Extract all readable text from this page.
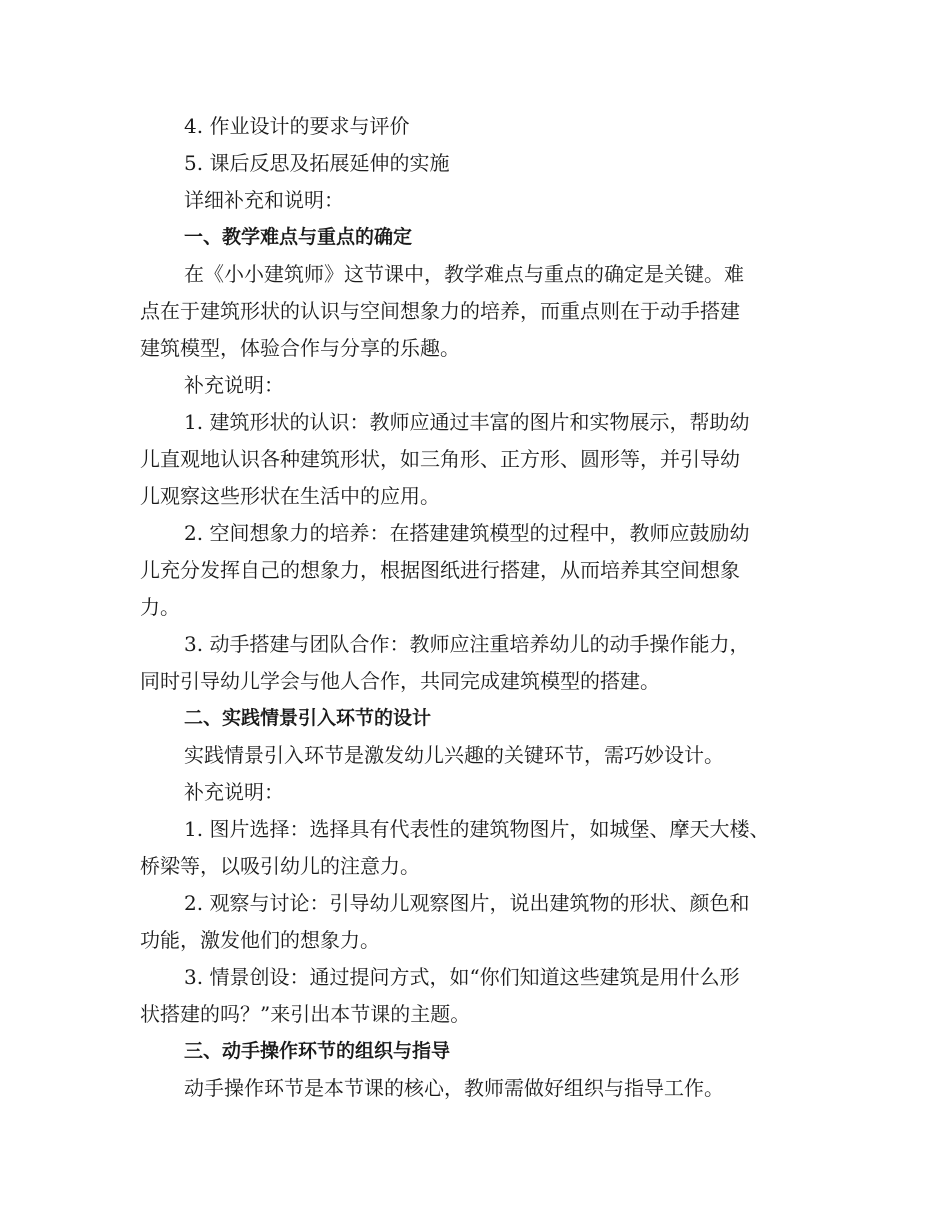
4. 作业设计的要求与评价

5. 课后反思及拓展延伸的实施

详细补充和说明：

一、教学难点与重点的确定

在《小小建筑师》这节课中，教学难点与重点的确定是关键。难

点在于建筑形状的认识与空间想象力的培养，而重点则在于动手搭建

建筑模型，体验合作与分享的乐趣。

补充说明：

1. 建筑形状的认识：教师应通过丰富的图片和实物展示，帮助幼

儿直观地认识各种建筑形状，如三角形、正方形、圆形等，并引导幼

儿观察这些形状在生活中的应用。

2. 空间想象力的培养：在搭建建筑模型的过程中，教师应鼓励幼

儿充分发挥自己的想象力，根据图纸进行搭建，从而培养其空间想象

力。

3. 动手搭建与团队合作：教师应注重培养幼儿的动手操作能力，

同时引导幼儿学会与他人合作，共同完成建筑模型的搭建。

二、实践情景引入环节的设计

实践情景引入环节是激发幼儿兴趣的关键环节，需巧妙设计。

补充说明：

1. 图片选择：选择具有代表性的建筑物图片，如城堡、摩天大楼、

桥梁等，以吸引幼儿的注意力。

2. 观察与讨论：引导幼儿观察图片，说出建筑物的形状、颜色和

功能，激发他们的想象力。

3. 情景创设：通过提问方式，如“你们知道这些建筑是用什么形

状搭建的吗？”来引出本节课的主题。

三、动手操作环节的组织与指导

动手操作环节是本节课的核心，教师需做好组织与指导工作。
